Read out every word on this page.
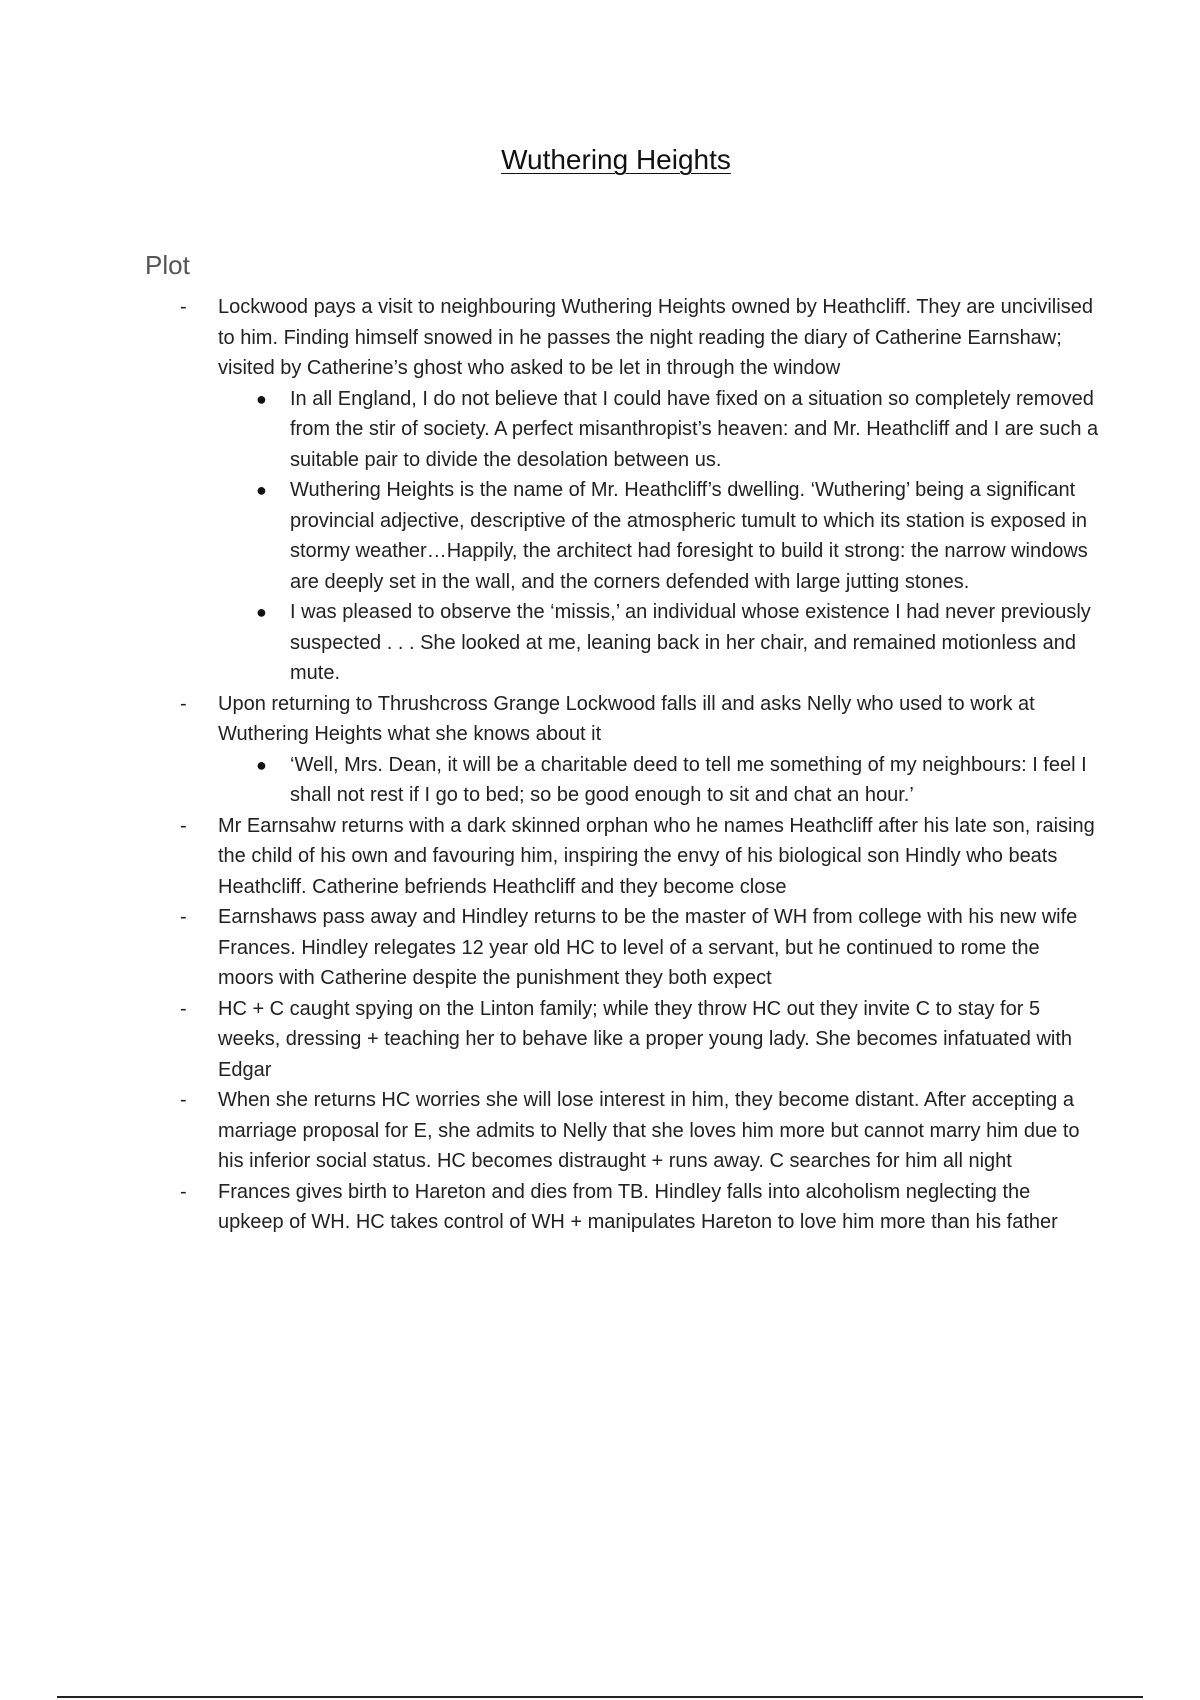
Wuthering Heights
Plot
-	Lockwood pays a visit to neighbouring Wuthering Heights owned by Heathcliff. They are uncivilised to him. Finding himself snowed in he passes the night reading the diary of Catherine Earnshaw; visited by Catherine’s ghost who asked to be let in through the window
● In all England, I do not believe that I could have fixed on a situation so completely removed from the stir of society. A perfect misanthropist’s heaven: and Mr. Heathcliff and I are such a suitable pair to divide the desolation between us.
● Wuthering Heights is the name of Mr. Heathcliff’s dwelling. ‘Wuthering’ being a significant provincial adjective, descriptive of the atmospheric tumult to which its station is exposed in stormy weather…Happily, the architect had foresight to build it strong: the narrow windows are deeply set in the wall, and the corners defended with large jutting stones.
● I was pleased to observe the ‘missis,’ an individual whose existence I had never previously suspected . . . She looked at me, leaning back in her chair, and remained motionless and mute.
-	Upon returning to Thrushcross Grange Lockwood falls ill and asks Nelly who used to work at Wuthering Heights what she knows about it
● ‘Well, Mrs. Dean, it will be a charitable deed to tell me something of my neighbours: I feel I shall not rest if I go to bed; so be good enough to sit and chat an hour.’
-	Mr Earnsahw returns with a dark skinned orphan who he names Heathcliff after his late son, raising the child of his own and favouring him, inspiring the envy of his biological son Hindly who beats Heathcliff. Catherine befriends Heathcliff and they become close
-	Earnshaws pass away and Hindley returns to be the master of WH from college with his new wife Frances. Hindley relegates 12 year old HC to level of a servant, but he continued to rome the moors with Catherine despite the punishment they both expect
-	HC + C caught spying on the Linton family; while they throw HC out they invite C to stay for 5 weeks, dressing + teaching her to behave like a proper young lady. She becomes infatuated with Edgar
-	When she returns HC worries she will lose interest in him, they become distant. After accepting a marriage proposal for E, she admits to Nelly that she loves him more but cannot marry him due to his inferior social status. HC becomes distraught + runs away. C searches for him all night
-	Frances gives birth to Hareton and dies from TB. Hindley falls into alcoholism neglecting the upkeep of WH. HC takes control of WH + manipulates Hareton to love him more than his father
